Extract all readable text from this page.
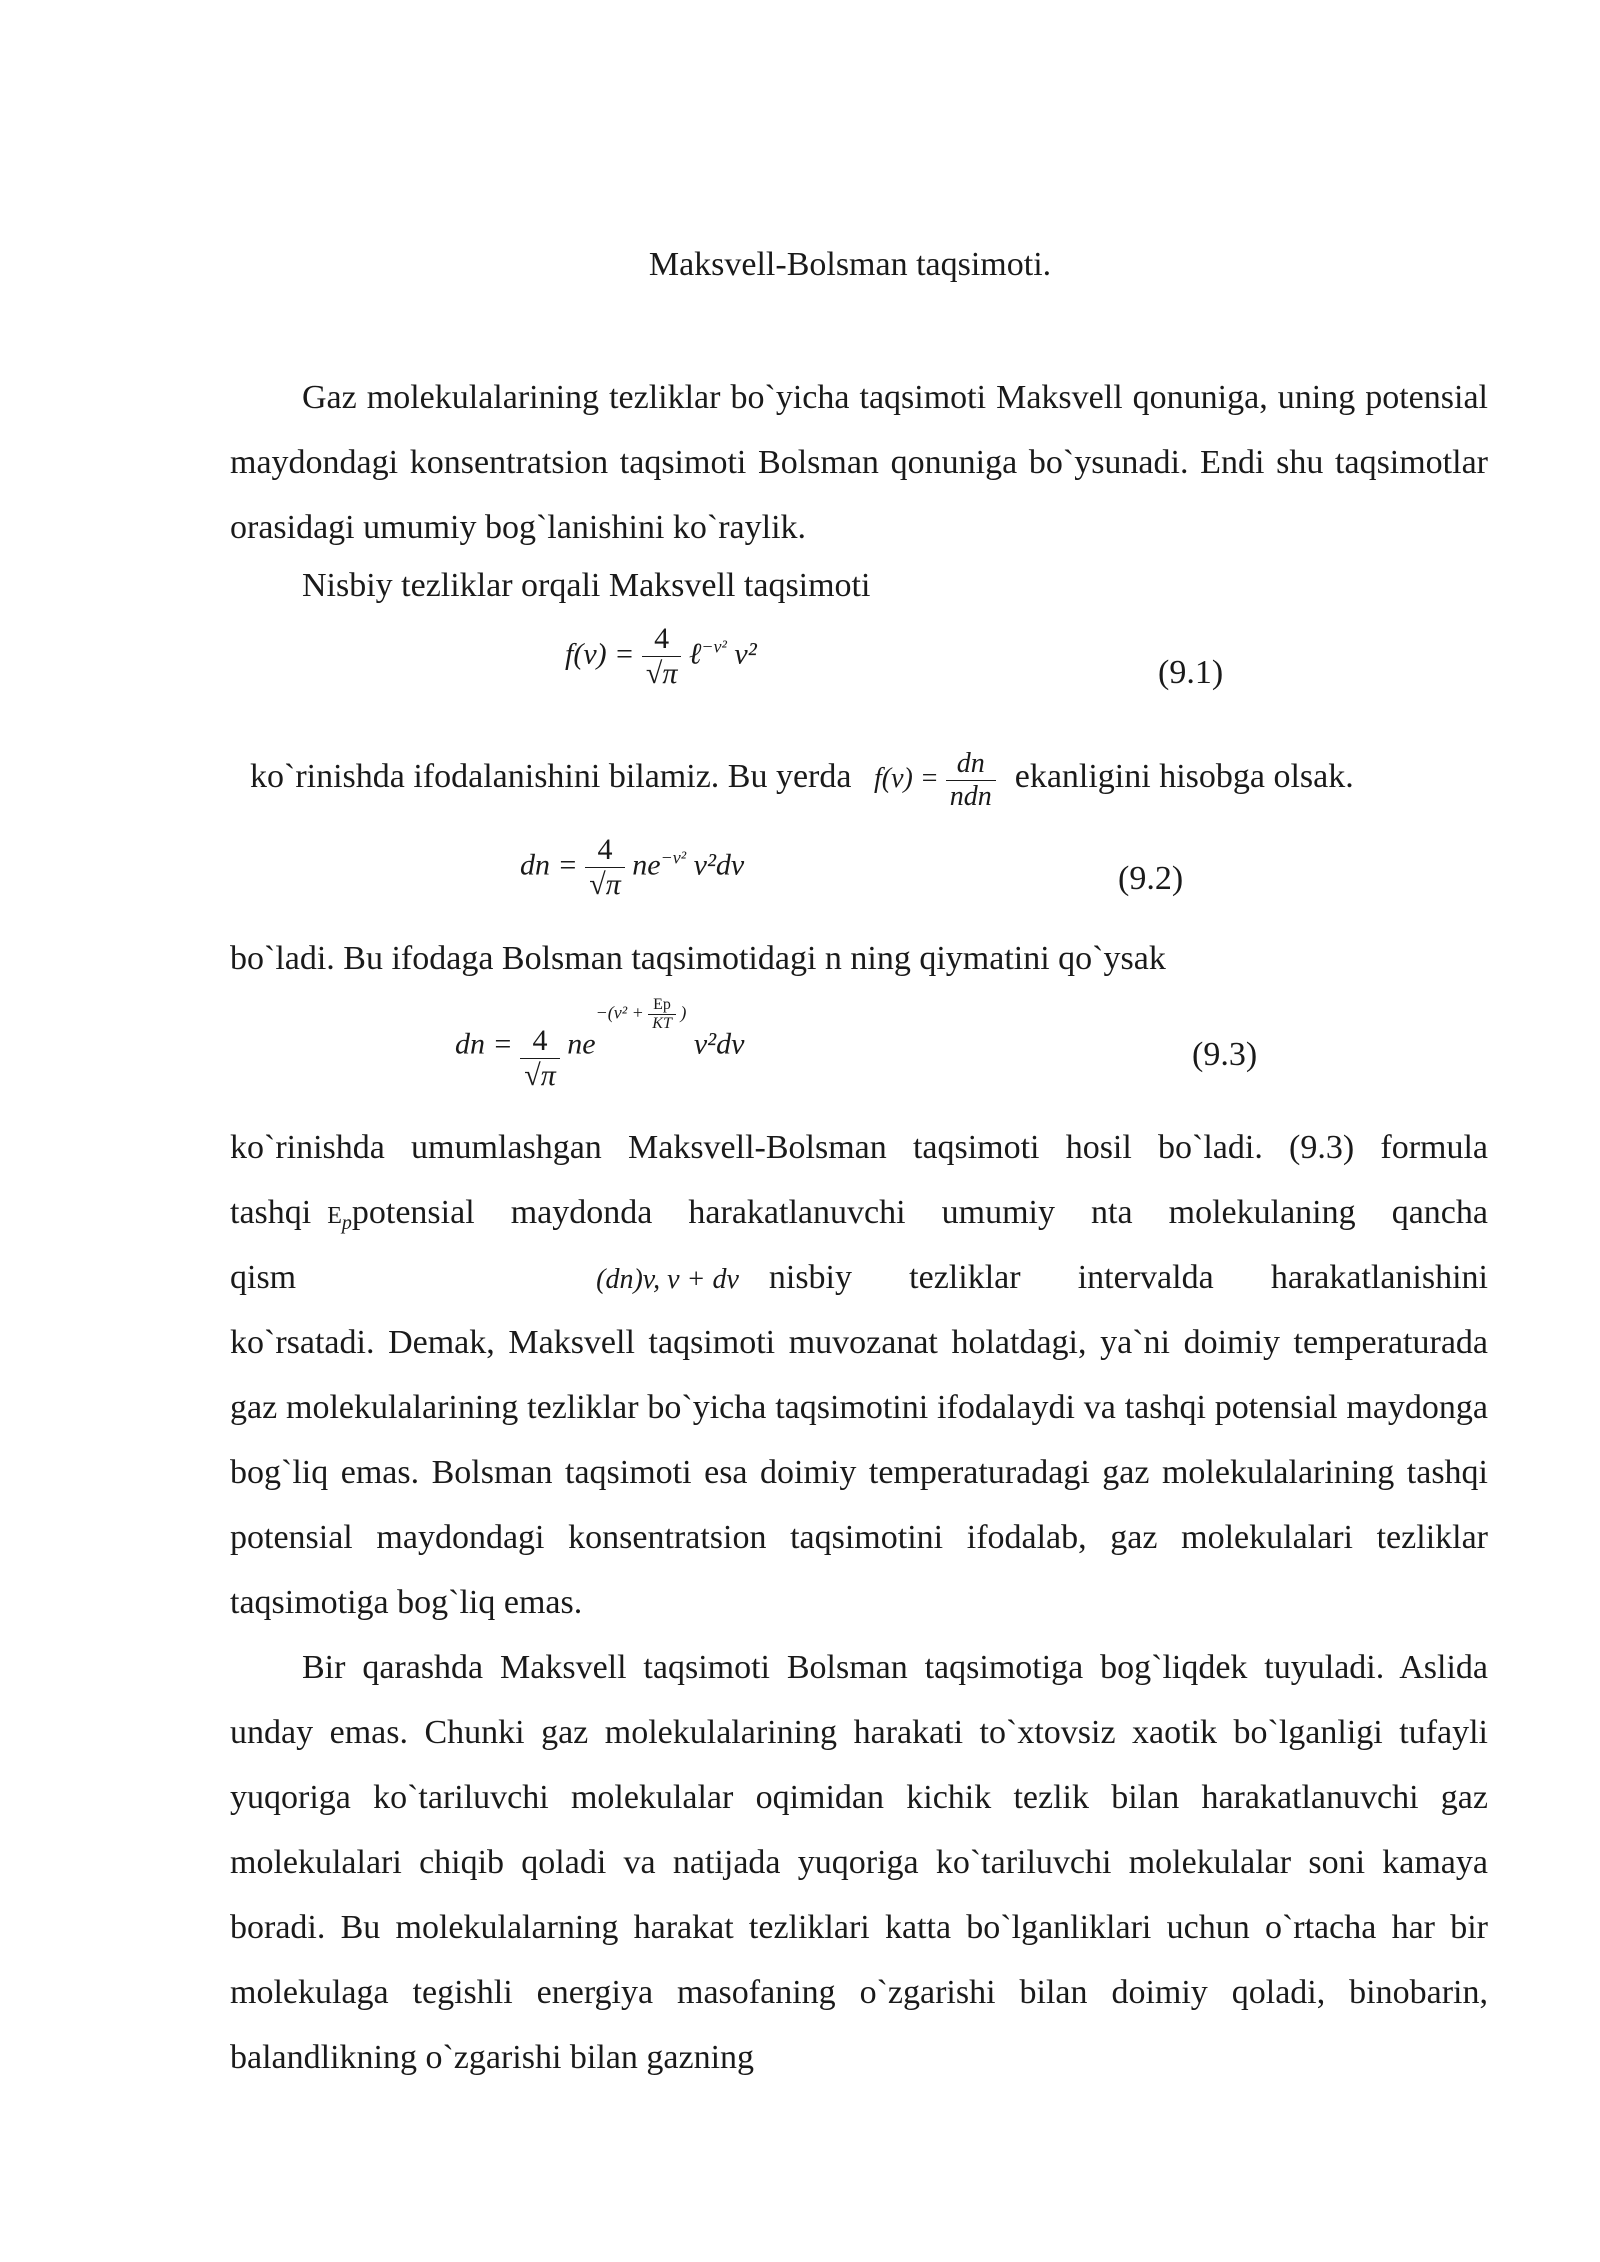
Maksvell-Bolsman taqsimoti.

Gaz molekulalarining tezliklar bo`yicha taqsimoti Maksvell qonuniga, uning potensial maydondagi konsentratsion taqsimoti Bolsman qonuniga bo`ysunadi. Endi shu taqsimotlar orasidagi umumiy bog`lanishini ko`raylik.

Nisbiy tezliklar orqali Maksvell taqsimoti
$f(v) = \frac{4}{√\pi}$ ℓ$^{-v^2}$ v²
(9.1)
ko`rinishda ifodalanishini bilamiz. Bu yerda $f(v) = \frac{dn}{\text{ndn}}$ ekanligini hisobga olsak.
dn = $\frac{4}{√\pi} ne^{-v^2}$ v²dv	(9.2)
bo`ladi. Bu ifodaga Bolsman taqsimotidagi n ning qiymatini qo`ysak
dn = $\frac{4}{√\pi} ne-(v^2 + \frac{Ep}{KT}$ ) v²dv	(9.3)
ko`rinishda umumlashgan Maksvell-Bolsman taqsimoti hosil bo`ladi. (9.3) formula
tashqi $E_p$ potensial maydonda harakatlanuvchi umumiy nta molekulaning qancha
qism	(dn)v, v + dv nisbiy tezliklar intervalda harakatlanishini

ko`rsatadi. Demak, Maksvell taqsimoti muvozanat holatdagi, ya`ni doimiy temperaturada gaz molekulalarining tezliklar bo`yicha taqsimotini ifodalaydi va tashqi potensial maydonga bog`liq emas. Bolsman taqsimoti esa doimiy temperaturadagi gaz molekulalarining tashqi potensial maydondagi konsentratsion taqsimotini ifodalab, gaz molekulalari tezliklar taqsimotiga bog`liq emas.

Bir qarashda Maksvell taqsimoti Bolsman taqsimotiga bog`liqdek tuyuladi. Aslida unday emas. Chunki gaz molekulalarining harakati to`xtovsiz xaotik bo`lganligi tufayli yuqoriga ko`tariluvchi molekulalar oqimidan kichik tezlik bilan harakatlanuvchi gaz molekulalari chiqib qoladi va natijada yuqoriga ko`tariluvchi molekulalar soni kamaya boradi. Bu molekulalarning harakat tezliklari katta bo`lganliklari uchun o`rtacha har bir molekulaga tegishli energiya masofaning o`zgarishi bilan doimiy qoladi, binobarin, balandlikning o`zgarishi bilan gazning
